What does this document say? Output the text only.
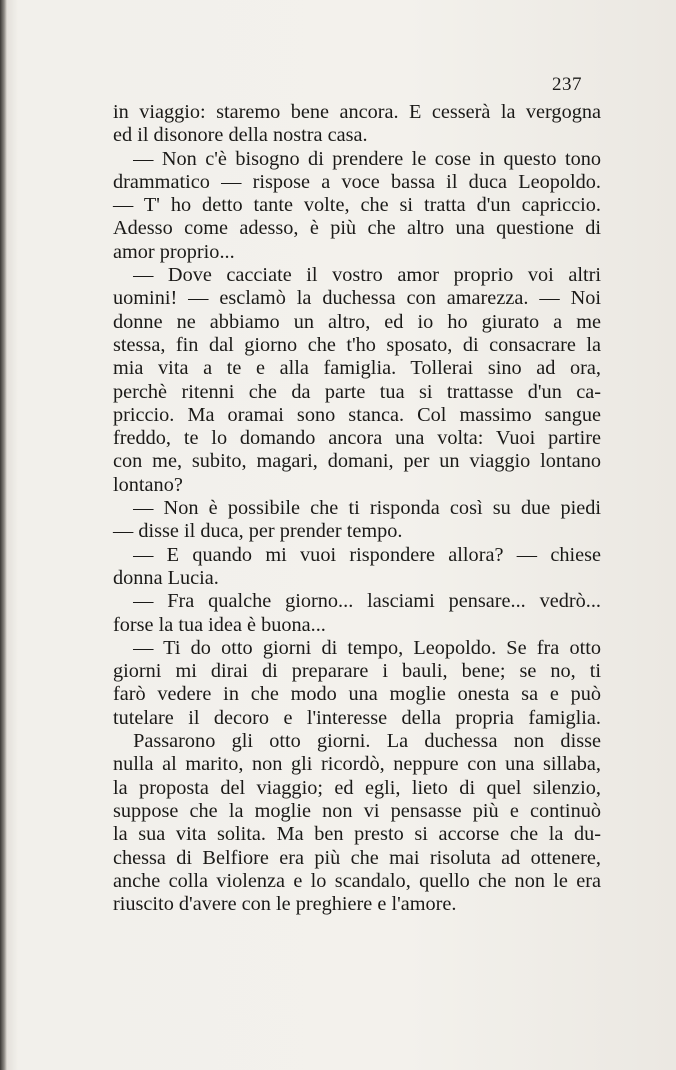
237
in viaggio: staremo bene ancora. E cesserà la vergogna
ed il disonore della nostra casa.
— Non c'è bisogno di prendere le cose in questo tono
drammatico — rispose a voce bassa il duca Leopoldo.
— T' ho detto tante volte, che si tratta d'un capriccio.
Adesso come adesso, è più che altro una questione di
amor proprio...
— Dove cacciate il vostro amor proprio voi altri
uomini! — esclamò la duchessa con amarezza. — Noi
donne ne abbiamo un altro, ed io ho giurato a me
stessa, fin dal giorno che t'ho sposato, di consacrare la
mia vita a te e alla famiglia. Tollerai sino ad ora,
perchè ritenni che da parte tua si trattasse d'un ca-
priccio. Ma oramai sono stanca. Col massimo sangue
freddo, te lo domando ancora una volta: Vuoi partire
con me, subito, magari, domani, per un viaggio lontano
lontano?
— Non è possibile che ti risponda così su due piedi
— disse il duca, per prender tempo.
— E quando mi vuoi rispondere allora? — chiese
donna Lucia.
— Fra qualche giorno... lasciami pensare... vedrò...
forse la tua idea è buona...
— Ti do otto giorni di tempo, Leopoldo. Se fra otto
giorni mi dirai di preparare i bauli, bene; se no, ti
farò vedere in che modo una moglie onesta sa e può
tutelare il decoro e l'interesse della propria famiglia.
Passarono gli otto giorni. La duchessa non disse
nulla al marito, non gli ricordò, neppure con una sillaba,
la proposta del viaggio; ed egli, lieto di quel silenzio,
suppose che la moglie non vi pensasse più e continuò
la sua vita solita. Ma ben presto si accorse che la du-
chessa di Belfiore era più che mai risoluta ad ottenere,
anche colla violenza e lo scandalo, quello che non le era
riuscito d'avere con le preghiere e l'amore.
